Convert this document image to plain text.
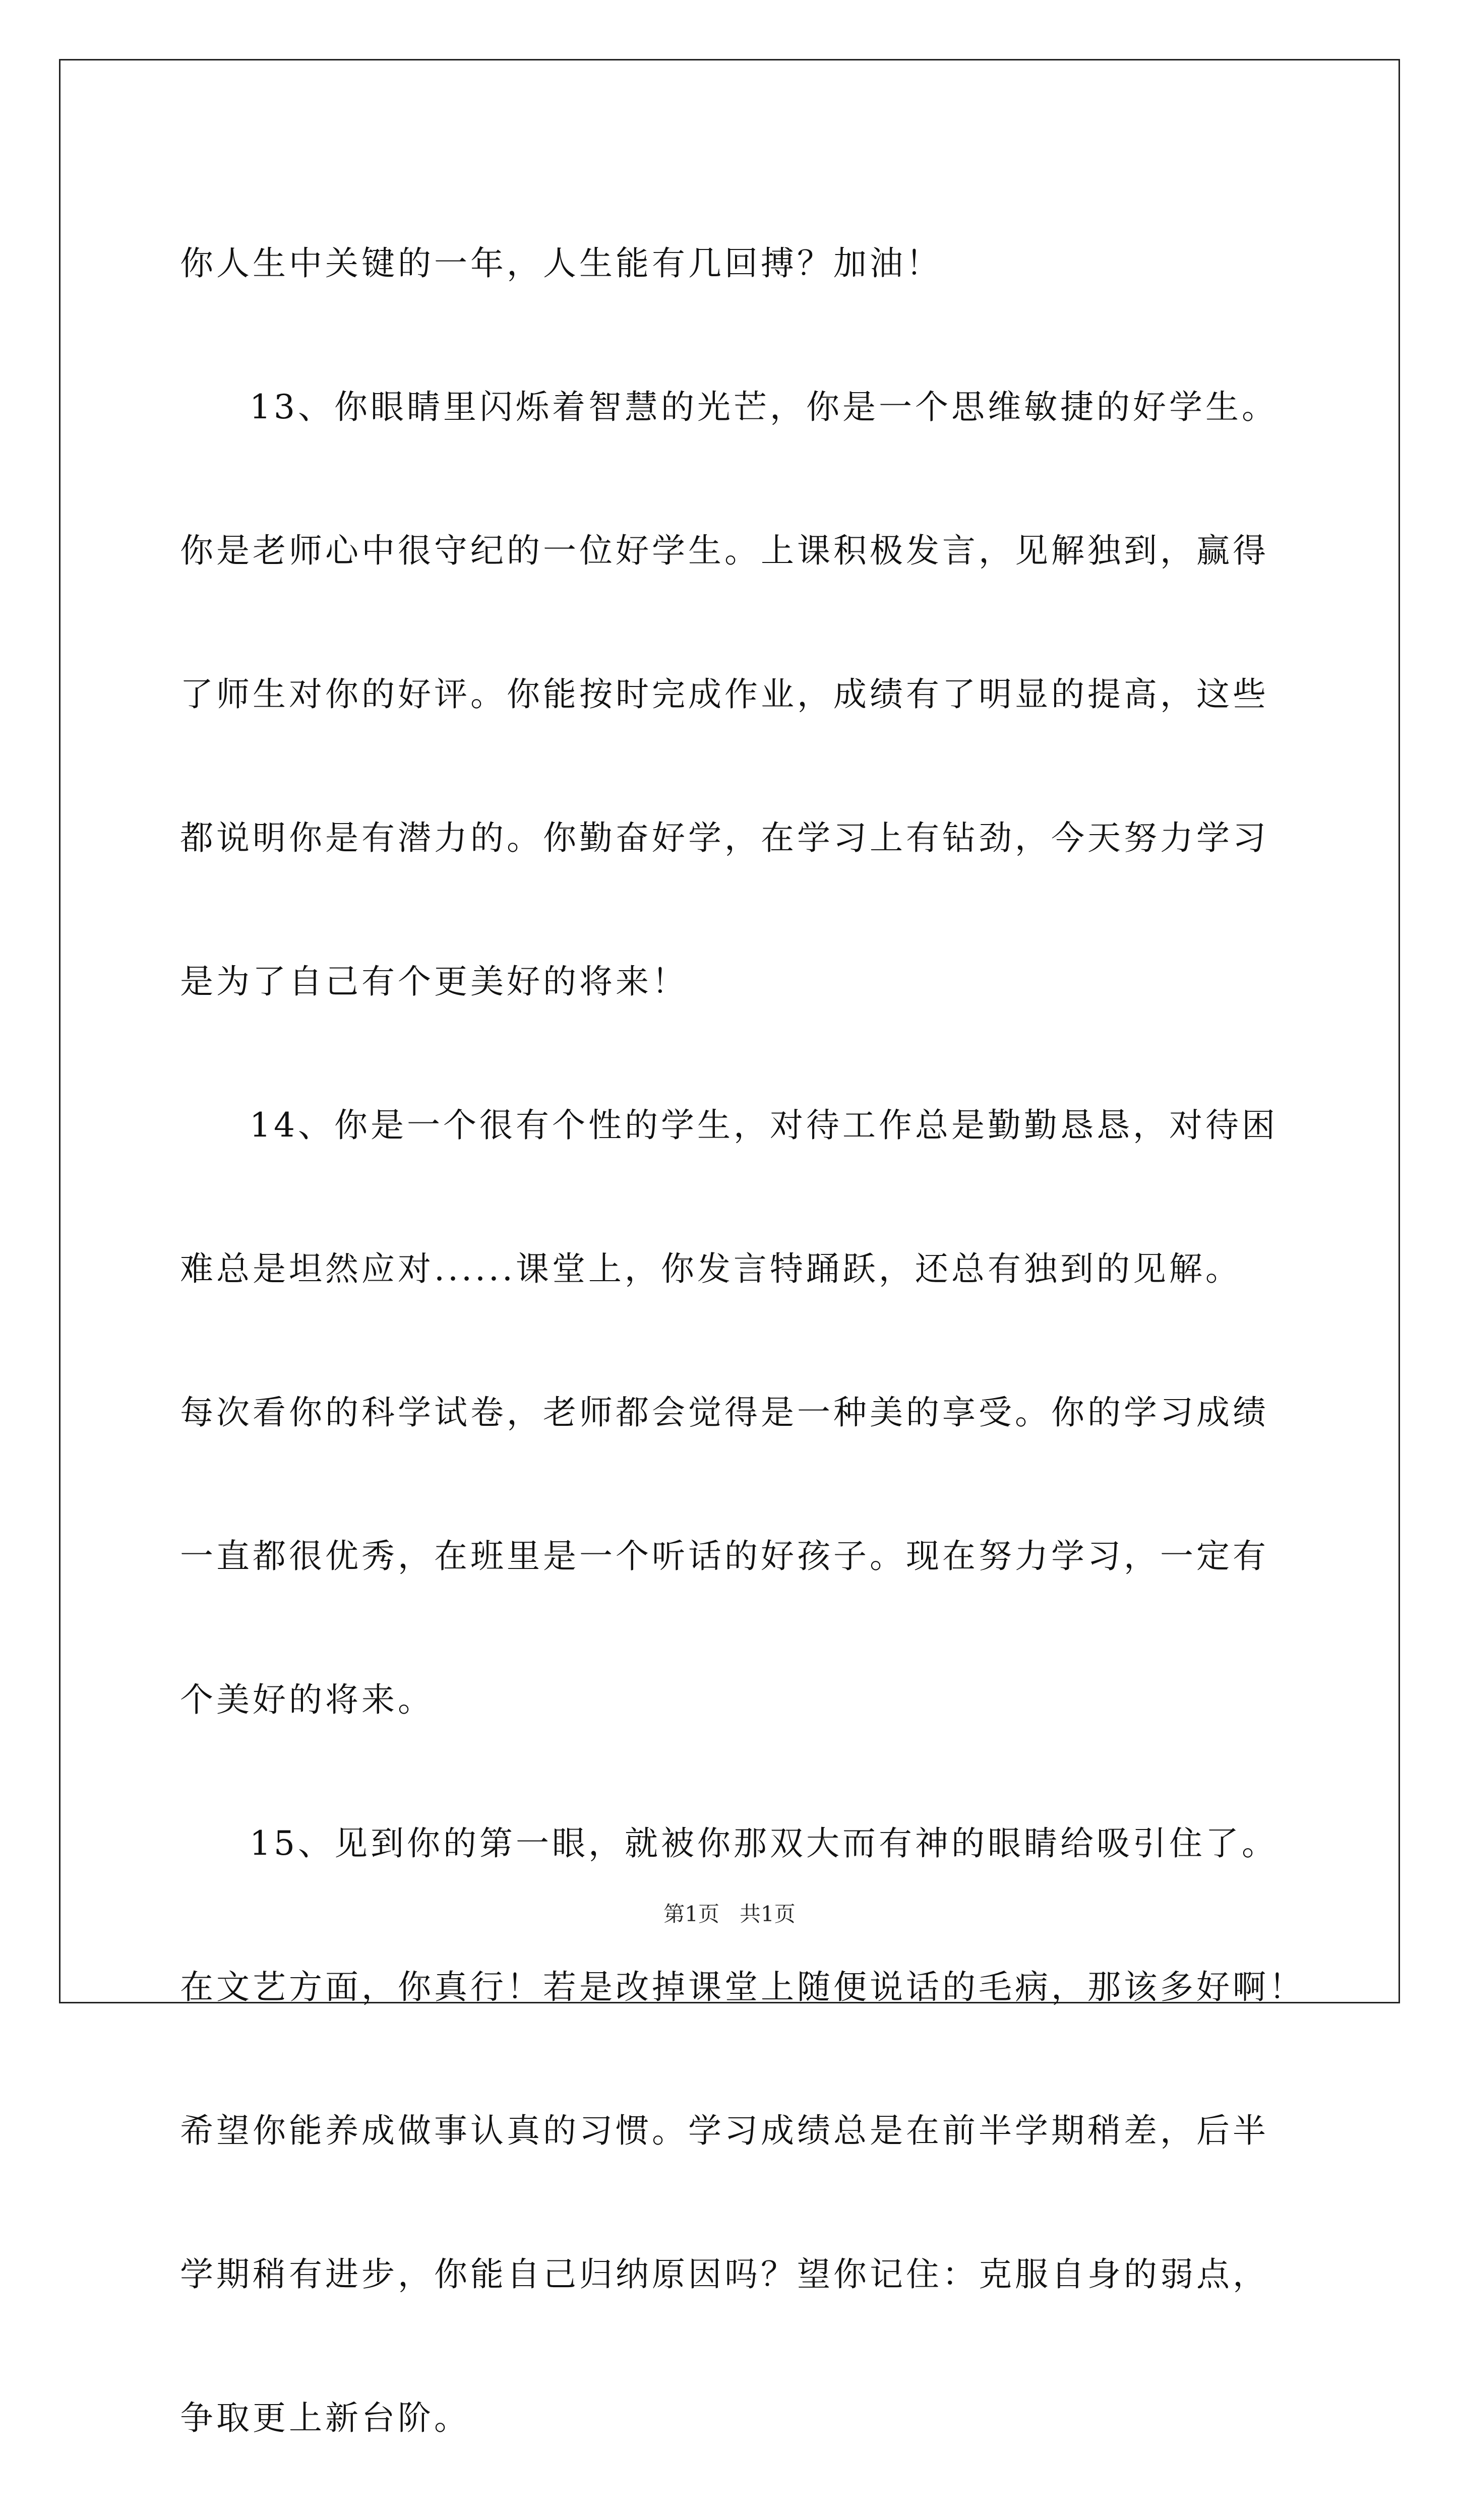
你人生中关键的一年，人生能有几回搏？加油！
13、你眼睛里闪烁着智慧的光芒，你是一个思维敏捷的好学生。
你是老师心中很守纪的一位好学生。上课积极发言，见解独到，赢得
了师生对你的好评。你能按时完成作业，成绩有了明显的提高，这些
都说明你是有潜力的。你勤奋好学，在学习上有钻劲，今天努力学习
是为了自己有个更美好的将来！
14、你是一个很有个性的学生，对待工作总是勤勤恳恳，对待困
难总是坦然应对......课堂上，你发言特踊跃，还总有独到的见解。
每次看你的科学试卷，老师都会觉得是一种美的享受。你的学习成绩
一直都很优秀，在班里是一个听话的好孩子。现在努力学习，一定有
个美好的将来。
15、见到你的第一眼，就被你那双大而有神的眼睛给吸引住了。
在文艺方面，你真行！若是改掉课堂上随便说话的毛病，那该多好啊！
希望你能养成做事认真的习惯。学习成绩总是在前半学期稍差，后半
学期稍有进步，你能自己归纳原因吗？望你记住：克服自身的弱点，
争取更上新台阶。
第1页 共1页
